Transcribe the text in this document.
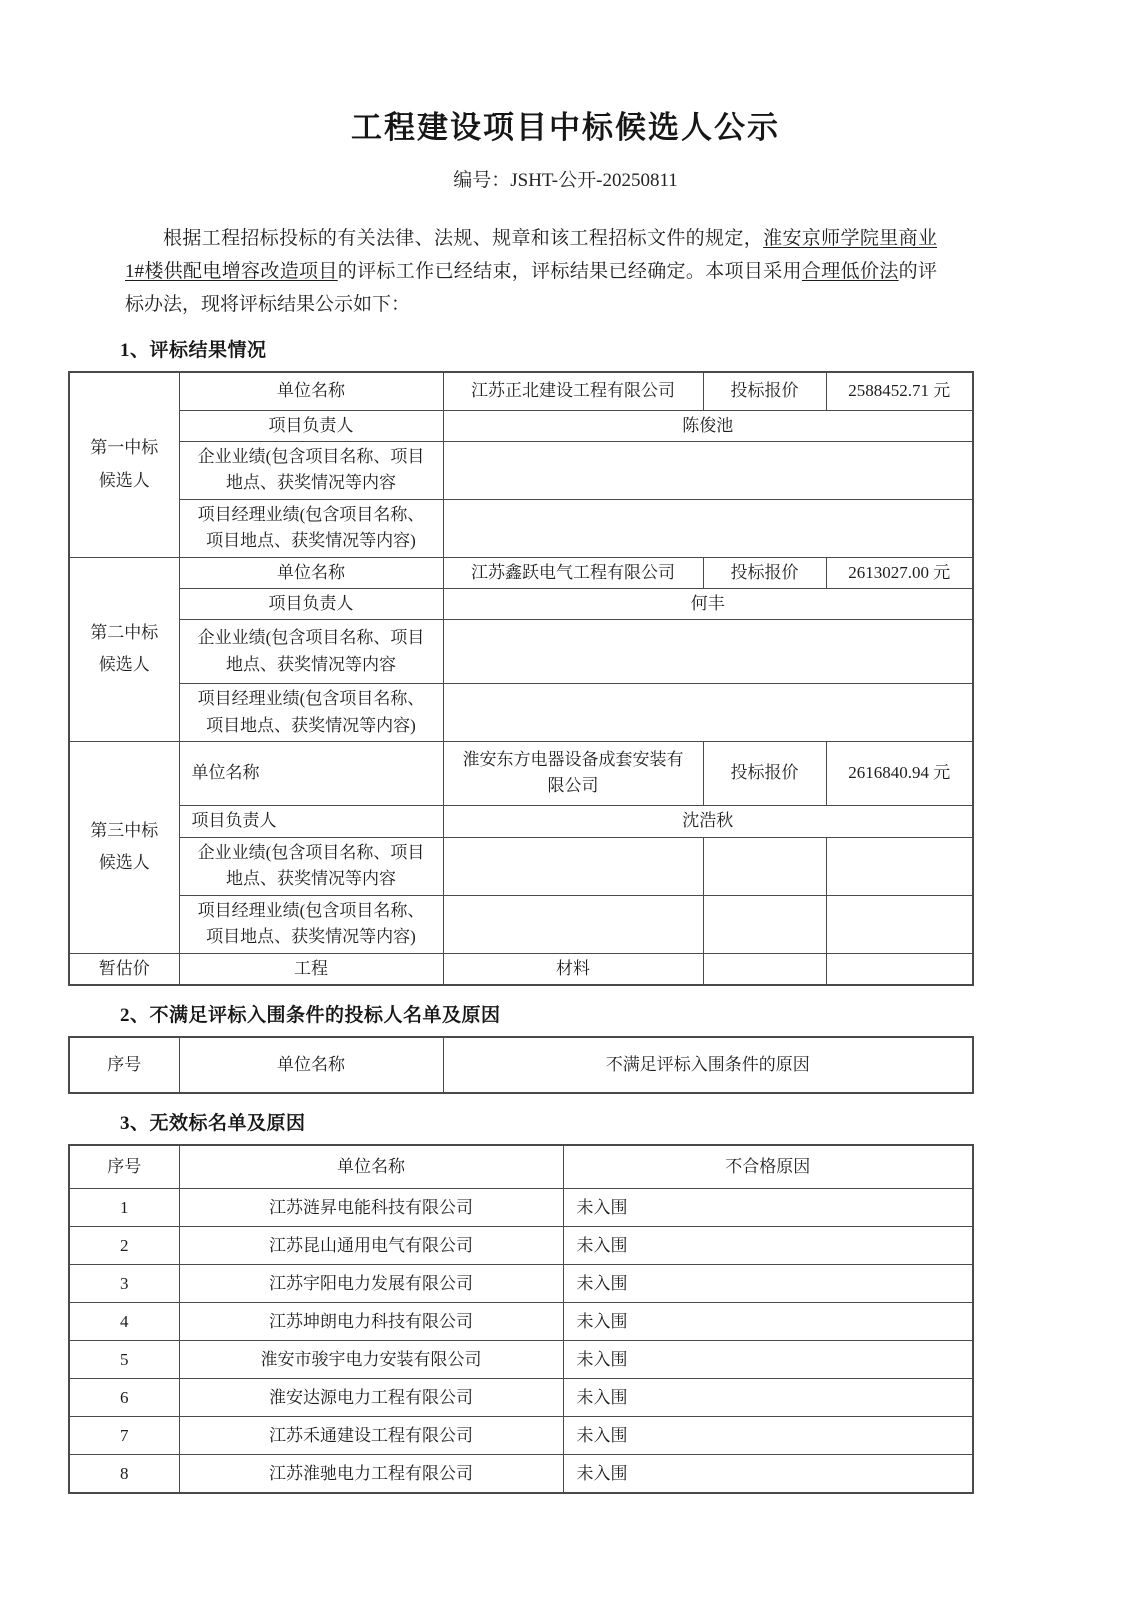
工程建设项目中标候选人公示
编号：JSHT-公开-20250811

根据工程招标投标的有关法律、法规、规章和该工程招标文件的规定，淮安京师学院里商业 1#楼供配电增容改造项目的评标工作已经结束，评标结果已经确定。本项目采用合理低价法的评标办法，现将评标结果公示如下：

1、评标结果情况
第一中标候选人	单位名称	江苏正北建设工程有限公司	投标报价	2588452.71 元
	项目负责人	陈俊池		
	企业业绩(包含项目名称、项目地点、获奖情况等内容			
	项目经理业绩(包含项目名称、项目地点、获奖情况等内容)			
第二中标候选人	单位名称	江苏鑫跃电气工程有限公司	投标报价	2613027.00 元
	项目负责人	何丰		
	企业业绩(包含项目名称、项目地点、获奖情况等内容			
	项目经理业绩(包含项目名称、项目地点、获奖情况等内容)			
第三中标候选人	单位名称	淮安东方电器设备成套安装有限公司	投标报价	2616840.94 元
	项目负责人	沈浩秋		
	企业业绩(包含项目名称、项目地点、获奖情况等内容			
	项目经理业绩(包含项目名称、项目地点、获奖情况等内容)			
暂估价	工程	材料		
2、不满足评标入围条件的投标人名单及原因
序号	单位名称	不满足评标入围条件的原因
3、无效标名单及原因
序号	单位名称	不合格原因
1	江苏涟昇电能科技有限公司	未入围
2	江苏昆山通用电气有限公司	未入围
3	江苏宇阳电力发展有限公司	未入围
4	江苏坤朗电力科技有限公司	未入围
5	淮安市骏宇电力安装有限公司	未入围
6	淮安达源电力工程有限公司	未入围
7	江苏禾通建设工程有限公司	未入围
8	江苏淮驰电力工程有限公司	未入围
